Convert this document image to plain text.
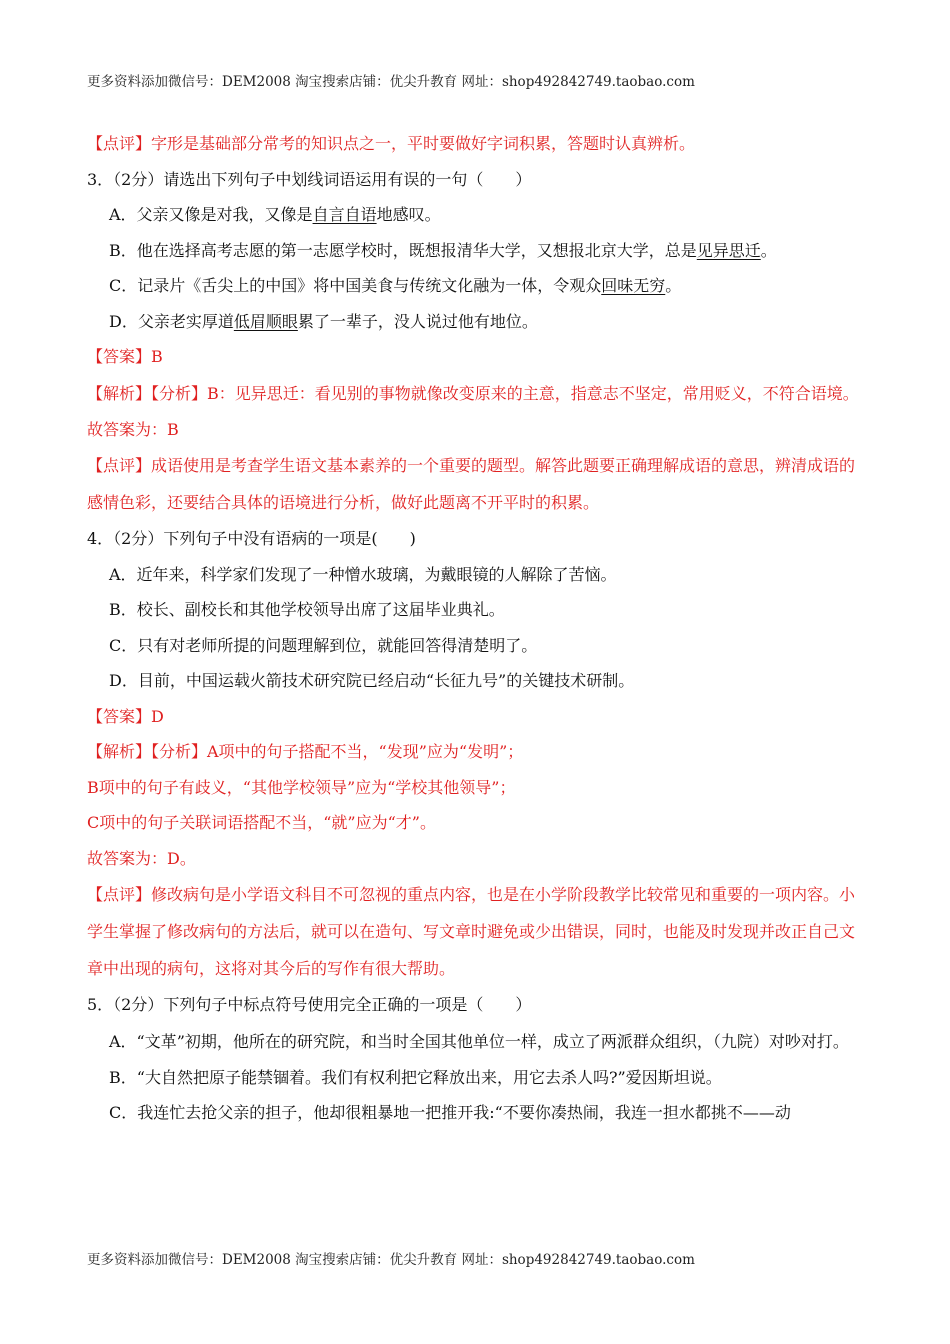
更多资料添加微信号：DEM2008 淘宝搜索店铺：优尖升教育 网址：shop492842749.taobao.com
【点评】字形是基础部分常考的知识点之一，平时要做好字词积累，答题时认真辨析。
3．（2分）请选出下列句子中划线词语运用有误的一句（　　）
A．父亲又像是对我，又像是自言自语地感叹。
B．他在选择高考志愿的第一志愿学校时，既想报清华大学，又想报北京大学，总是见异思迁。
C．记录片《舌尖上的中国》将中国美食与传统文化融为一体，令观众回味无穷。
D．父亲老实厚道低眉顺眼累了一辈子，没人说过他有地位。
【答案】B
【解析】【分析】B：见异思迁：看见别的事物就像改变原来的主意，指意志不坚定，常用贬义，不符合语境。
故答案为：B
【点评】成语使用是考查学生语文基本素养的一个重要的题型。解答此题要正确理解成语的意思，辨清成语的感情色彩，还要结合具体的语境进行分析，做好此题离不开平时的积累。
4．（2分）下列句子中没有语病的一项是(　　)
A．近年来，科学家们发现了一种憎水玻璃，为戴眼镜的人解除了苦恼。
B．校长、副校长和其他学校领导出席了这届毕业典礼。
C．只有对老师所提的问题理解到位，就能回答得清楚明了。
D．目前，中国运载火箭技术研究院已经启动“长征九号”的关键技术研制。
【答案】D
【解析】【分析】A项中的句子搭配不当，“发现”应为“发明”；
B项中的句子有歧义，“其他学校领导”应为“学校其他领导”；
C项中的句子关联词语搭配不当，“就”应为“才”。
故答案为：D。
【点评】修改病句是小学语文科目不可忽视的重点内容，也是在小学阶段教学比较常见和重要的一项内容。小学生掌握了修改病句的方法后，就可以在造句、写文章时避免或少出错误，同时，也能及时发现并改正自己文章中出现的病句，这将对其今后的写作有很大帮助。
5．（2分）下列句子中标点符号使用完全正确的一项是（　　）
A．“文革”初期，他所在的研究院，和当时全国其他单位一样，成立了两派群众组织，（九院）对吵对打。
B．“大自然把原子能禁锢着。我们有权利把它释放出来，用它去杀人吗?”爱因斯坦说。
C．我连忙去抢父亲的担子，他却很粗暴地一把推开我:“不要你凑热闹，我连一担水都挑不——动
更多资料添加微信号：DEM2008 淘宝搜索店铺：优尖升教育 网址：shop492842749.taobao.com
